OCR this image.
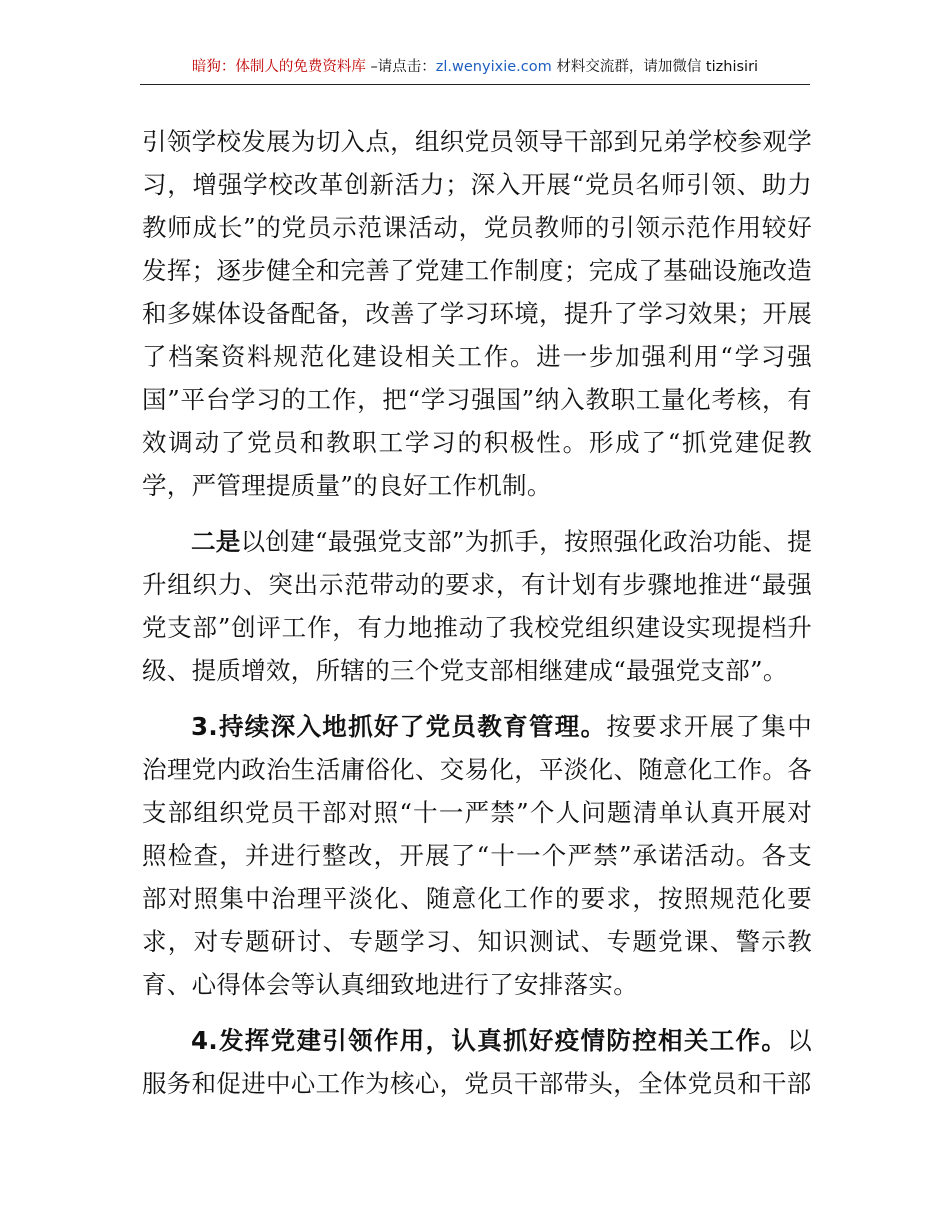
暗狗：体制人的免费资料库 –请点击：zl.wenyixie.com 材料交流群，请加微信 tizhisiri

引领学校发展为切入点，组织党员领导干部到兄弟学校参观学习，增强学校改革创新活力；深入开展“党员名师引领、助力教师成长”的党员示范课活动，党员教师的引领示范作用较好发挥；逐步健全和完善了党建工作制度；完成了基础设施改造和多媒体设备配备，改善了学习环境，提升了学习效果；开展了档案资料规范化建设相关工作。进一步加强利用“学习强国”平台学习的工作，把“学习强国”纳入教职工量化考核，有效调动了党员和教职工学习的积极性。形成了“抓党建促教学，严管理提质量”的良好工作机制。

二是以创建“最强党支部”为抓手，按照强化政治功能、提升组织力、突出示范带动的要求，有计划有步骤地推进“最强党支部”创评工作，有力地推动了我校党组织建设实现提档升级、提质增效，所辖的三个党支部相继建成“最强党支部”。

3.持续深入地抓好了党员教育管理。按要求开展了集中治理党内政治生活庸俗化、交易化，平淡化、随意化工作。各支部组织党员干部对照“十一严禁”个人问题清单认真开展对照检查，并进行整改，开展了“十一个严禁”承诺活动。各支部对照集中治理平淡化、随意化工作的要求，按照规范化要求，对专题研讨、专题学习、知识测试、专题党课、警示教育、心得体会等认真细致地进行了安排落实。

4.发挥党建引领作用，认真抓好疫情防控相关工作。以服务和促进中心工作为核心，党员干部带头，全体党员和干部
